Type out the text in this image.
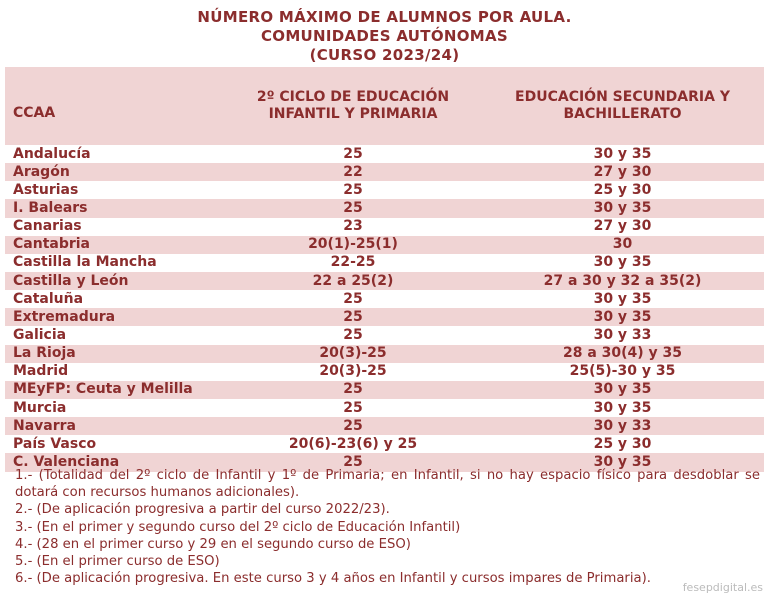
NÚMERO MÁXIMO DE ALUMNOS POR AULA.
COMUNIDADES AUTÓNOMAS
(CURSO 2023/24)
CCAA	2º CICLO DE EDUCACIÓN INFANTIL Y PRIMARIA	EDUCACIÓN SECUNDARIA Y BACHILLERATO
Andalucía	25	30 y 35
Aragón	22	27 y 30
Asturias	25	25 y 30
I. Balears	25	30 y 35
Canarias	23	27 y 30
Cantabria	20(1)-25(1)	30
Castilla la Mancha	22-25	30 y 35
Castilla y León	22 a 25(2)	27 a 30 y 32 a 35(2)
Cataluña	25	30 y 35
Extremadura	25	30 y 35
Galicia	25	30 y 33
La Rioja	20(3)-25	28 a 30(4) y 35
Madrid	20(3)-25	25(5)-30 y 35
MEyFP: Ceuta y Melilla	25	30 y 35
Murcia	25	30 y 35
Navarra	25	30 y 33
País Vasco	20(6)-23(6) y 25	25 y 30
C. Valenciana	25	30 y 35
1.- (Totalidad del 2º ciclo de Infantil y 1º de Primaria; en Infantil, si no hay espacio físico para desdoblar se dotará con recursos humanos adicionales).
2.- (De aplicación progresiva a partir del curso 2022/23).
3.- (En el primer y segundo curso del 2º ciclo de Educación Infantil)
4.- (28 en el primer curso y 29 en el segundo curso de ESO)
5.- (En el primer curso de ESO)
6.- (De aplicación progresiva. En este curso 3 y 4 años en Infantil y cursos impares de Primaria).
fesepdigital.es
